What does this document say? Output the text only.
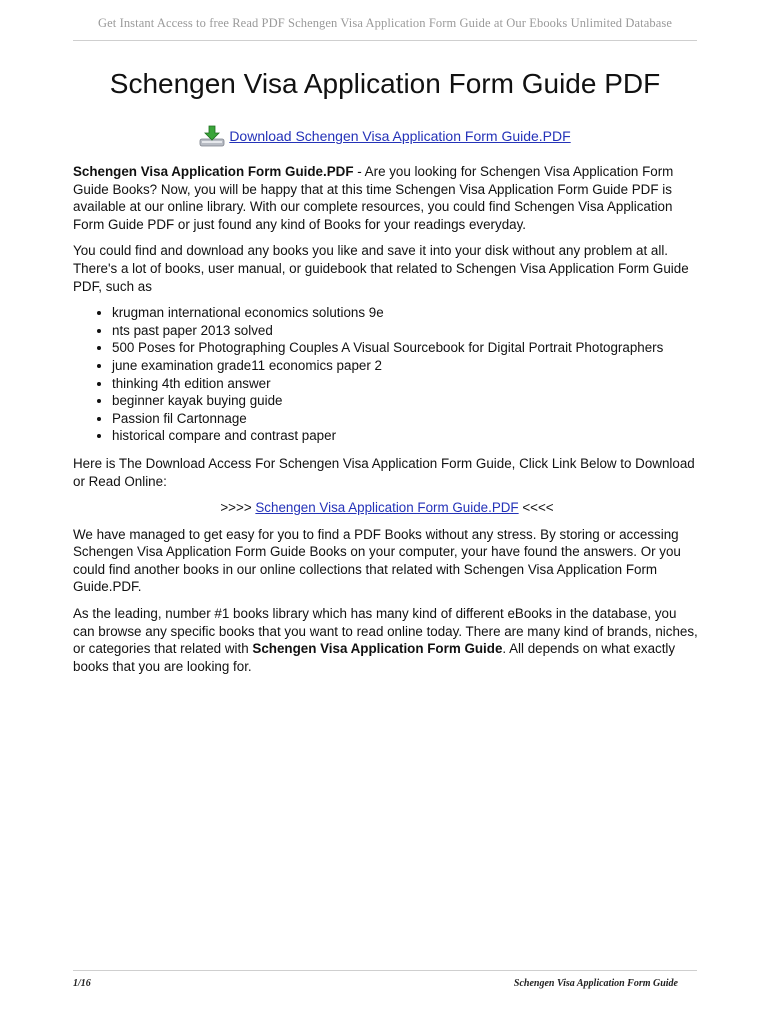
Get Instant Access to free Read PDF Schengen Visa Application Form Guide at Our Ebooks Unlimited Database
Schengen Visa Application Form Guide PDF
Download Schengen Visa Application Form Guide.PDF

Schengen Visa Application Form Guide.PDF - Are you looking for Schengen Visa Application Form Guide Books? Now, you will be happy that at this time Schengen Visa Application Form Guide PDF is available at our online library. With our complete resources, you could find Schengen Visa Application Form Guide PDF or just found any kind of Books for your readings everyday.

You could find and download any books you like and save it into your disk without any problem at all. There's a lot of books, user manual, or guidebook that related to Schengen Visa Application Form Guide PDF, such as

• krugman international economics solutions 9e
• nts past paper 2013 solved
• 500 Poses for Photographing Couples A Visual Sourcebook for Digital Portrait Photographers
• june examination grade11 economics paper 2
• thinking 4th edition answer
• beginner kayak buying guide
• Passion fil Cartonnage
• historical compare and contrast paper

Here is The Download Access For Schengen Visa Application Form Guide, Click Link Below to Download or Read Online:

>>>> Schengen Visa Application Form Guide.PDF <<<<

We have managed to get easy for you to find a PDF Books without any stress. By storing or accessing Schengen Visa Application Form Guide Books on your computer, your have found the answers. Or you could find another books in our online collections that related with Schengen Visa Application Form Guide.PDF.

As the leading, number #1 books library which has many kind of different eBooks in the database, you can browse any specific books that you want to read online today. There are many kind of brands, niches, or categories that related with Schengen Visa Application Form Guide. All depends on what exactly books that you are looking for.

1/16	Schengen Visa Application Form Guide
